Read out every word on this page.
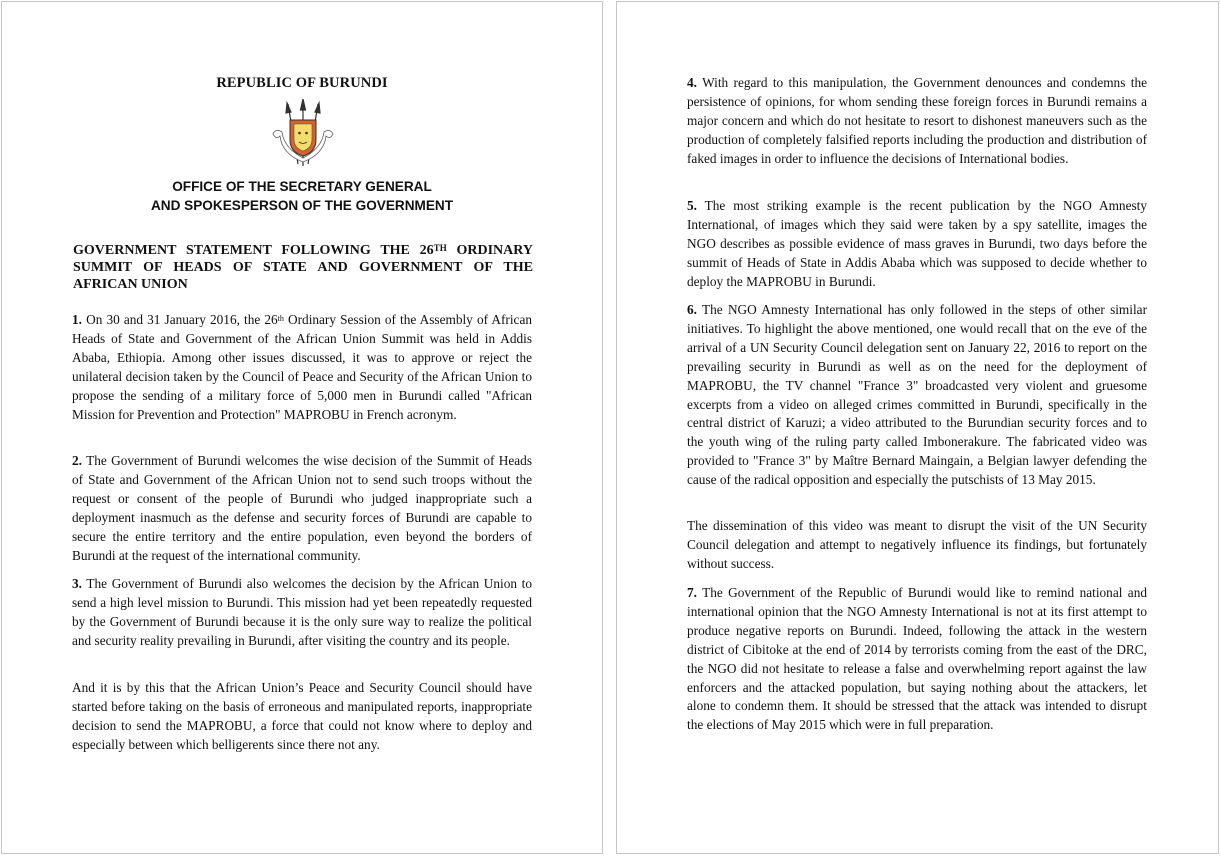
REPUBLIC OF BURUNDI
OFFICE OF THE SECRETARY GENERAL
AND SPOKESPERSON OF THE GOVERNMENT
GOVERNMENT STATEMENT FOLLOWING THE 26TH ORDINARY SUMMIT OF HEADS OF STATE AND GOVERNMENT OF THE AFRICAN UNION

1. On 30 and 31 January 2016, the 26th Ordinary Session of the Assembly of African Heads of State and Government of the African Union Summit was held in Addis Ababa, Ethiopia. Among other issues discussed, it was to approve or reject the unilateral decision taken by the Council of Peace and Security of the African Union to propose the sending of a military force of 5,000 men in Burundi called "African Mission for Prevention and Protection" MAPROBU in French acronym.

2. The Government of Burundi welcomes the wise decision of the Summit of Heads of State and Government of the African Union not to send such troops without the request or consent of the people of Burundi who judged inappropriate such a deployment inasmuch as the defense and security forces of Burundi are capable to secure the entire territory and the entire population, even beyond the borders of Burundi at the request of the international community.

3. The Government of Burundi also welcomes the decision by the African Union to send a high level mission to Burundi. This mission had yet been repeatedly requested by the Government of Burundi because it is the only sure way to realize the political and security reality prevailing in Burundi, after visiting the country and its people.

And it is by this that the African Union’s Peace and Security Council should have started before taking on the basis of erroneous and manipulated reports, inappropriate decision to send the MAPROBU, a force that could not know where to deploy and especially between which belligerents since there not any.

4. With regard to this manipulation, the Government denounces and condemns the persistence of opinions, for whom sending these foreign forces in Burundi remains a major concern and which do not hesitate to resort to dishonest maneuvers such as the production of completely falsified reports including the production and distribution of faked images in order to influence the decisions of International bodies.

5. The most striking example is the recent publication by the NGO Amnesty International, of images which they said were taken by a spy satellite, images the NGO describes as possible evidence of mass graves in Burundi, two days before the summit of Heads of State in Addis Ababa which was supposed to decide whether to deploy the MAPROBU in Burundi.

6. The NGO Amnesty International has only followed in the steps of other similar initiatives. To highlight the above mentioned, one would recall that on the eve of the arrival of a UN Security Council delegation sent on January 22, 2016 to report on the prevailing security in Burundi as well as on the need for the deployment of MAPROBU, the TV channel "France 3" broadcasted very violent and gruesome excerpts from a video on alleged crimes committed in Burundi, specifically in the central district of Karuzi; a video attributed to the Burundian security forces and to the youth wing of the ruling party called Imbonerakure. The fabricated video was provided to "France 3" by Maître Bernard Maingain, a Belgian lawyer defending the cause of the radical opposition and especially the putschists of 13 May 2015.

The dissemination of this video was meant to disrupt the visit of the UN Security Council delegation and attempt to negatively influence its findings, but fortunately without success.

7. The Government of the Republic of Burundi would like to remind national and international opinion that the NGO Amnesty International is not at its first attempt to produce negative reports on Burundi. Indeed, following the attack in the western district of Cibitoke at the end of 2014 by terrorists coming from the east of the DRC, the NGO did not hesitate to release a false and overwhelming report against the law enforcers and the attacked population, but saying nothing about the attackers, let alone to condemn them. It should be stressed that the attack was intended to disrupt the elections of May 2015 which were in full preparation.
